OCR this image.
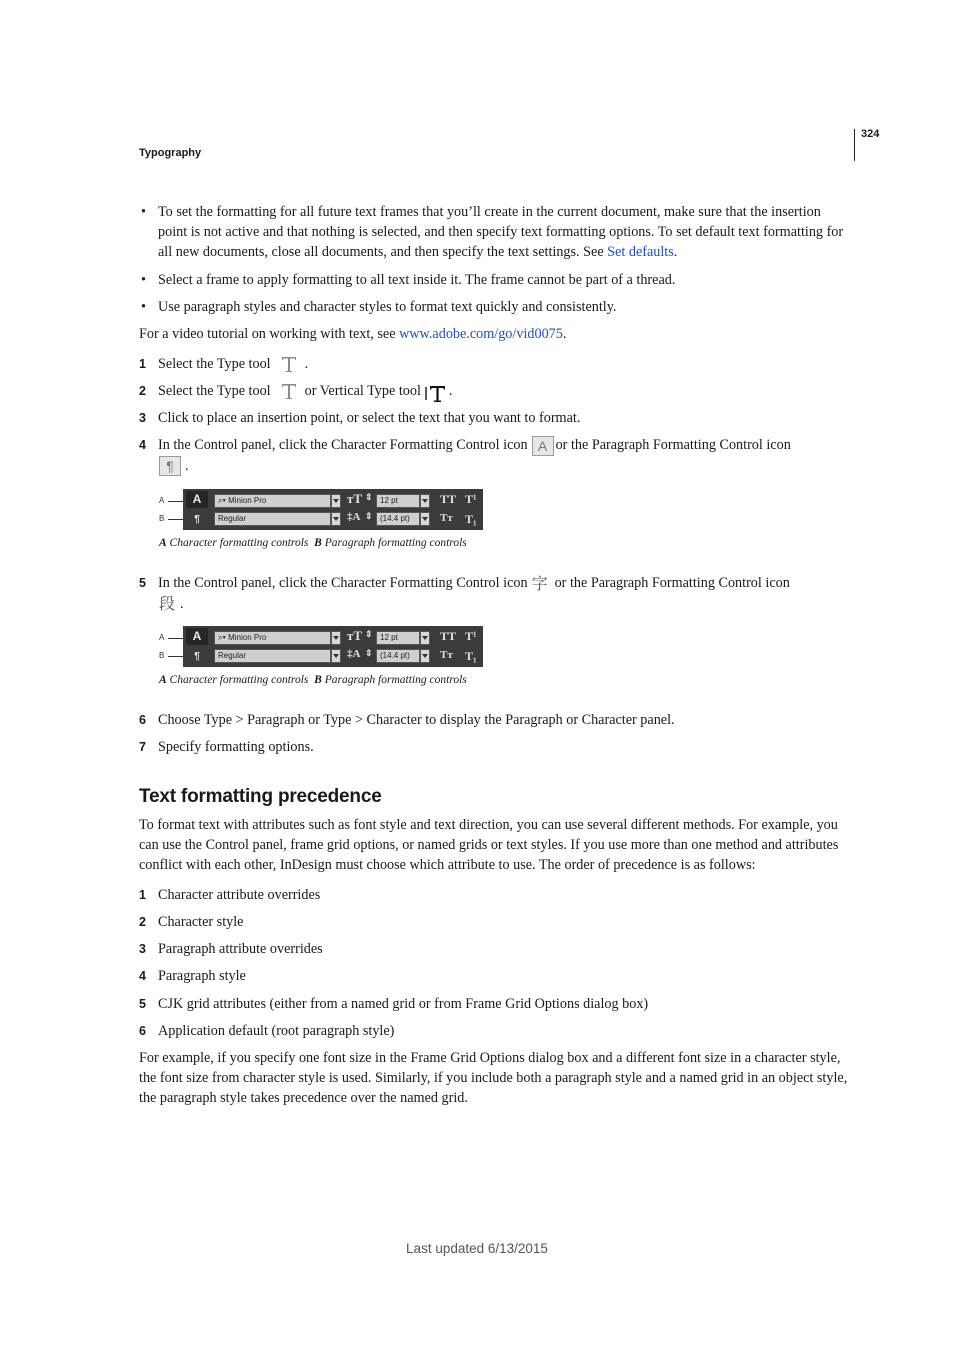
324
Typography
• To set the formatting for all future text frames that you’ll create in the current document, make sure that the insertion point is not active and that nothing is selected, and then specify text formatting options. To set default text formatting for all new documents, close all documents, and then specify the text settings. See Set defaults.
• Select a frame to apply formatting to all text inside it. The frame cannot be part of a thread.
• Use paragraph styles and character styles to format text quickly and consistently.
For a video tutorial on working with text, see www.adobe.com/go/vid0075.
1 Select the Type tool .
2 Select the Type tool or Vertical Type tool .
3 Click to place an insertion point, or select the text that you want to format.
4 In the Control panel, click the Character Formatting Control icon A or the Paragraph Formatting Control icon
¶ .
A
B
A
¶
⌕▾ Minion Pro
Regular
тT
‡A
⇕
⇕
12 pt
(14.4 pt)
TT
Tт
T¹
T₁
A Character formatting controls B Paragraph formatting controls
5 In the Control panel, click the Character Formatting Control icon 字 or the Paragraph Formatting Control icon
段 .
A
B
A
¶
⌕▾ Minion Pro
Regular
тT
‡A
⇕
⇕
12 pt
(14.4 pt)
TT
Tт
T¹
T₁
A Character formatting controls B Paragraph formatting controls
6 Choose Type > Paragraph or Type > Character to display the Paragraph or Character panel.
7 Specify formatting options.
Text formatting precedence
To format text with attributes such as font style and text direction, you can use several different methods. For example, you can use the Control panel, frame grid options, or named grids or text styles. If you use more than one method and attributes conflict with each other, InDesign must choose which attribute to use. The order of precedence is as follows:
1 Character attribute overrides
2 Character style
3 Paragraph attribute overrides
4 Paragraph style
5 CJK grid attributes (either from a named grid or from Frame Grid Options dialog box)
6 Application default (root paragraph style)
For example, if you specify one font size in the Frame Grid Options dialog box and a different font size in a character style, the font size from character style is used. Similarly, if you include both a paragraph style and a named grid in an object style, the paragraph style takes precedence over the named grid.
Last updated 6/13/2015
